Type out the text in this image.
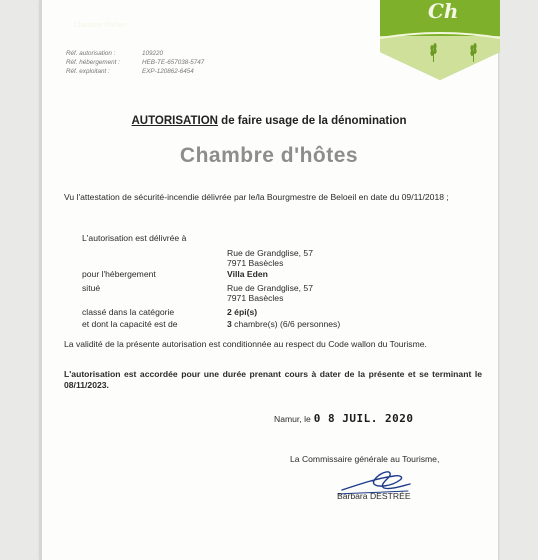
Ch
Chambre d'hôtes
Réf. autorisation :	109220
Réf. hébergement :	HEB-TE-657038-5747
Réf. exploitant :	EXP-120862-6454
AUTORISATION de faire usage de la dénomination
Chambre d'hôtes
Vu l'attestation de sécurité-incendie délivrée par le/la Bourgmestre de Beloeil en date du 09/11/2018 ;
L'autorisation est délivrée à
Rue de Grandglise, 57
7971 Basècles
pour l'hébergement	Villa Eden
situé	Rue de Grandglise, 57
7971 Basècles
classé dans la catégorie	2 épi(s)
et dont la capacité est de	3 chambre(s) (6/6 personnes)
La validité de la présente autorisation est conditionnée au respect du Code wallon du Tourisme.
L'autorisation est accordée pour une durée prenant cours à dater de la présente et se terminant le 08/11/2023.
Namur, le 0 8 JUIL. 2020
La Commissaire générale au Tourisme,
Barbara DESTRÉE
